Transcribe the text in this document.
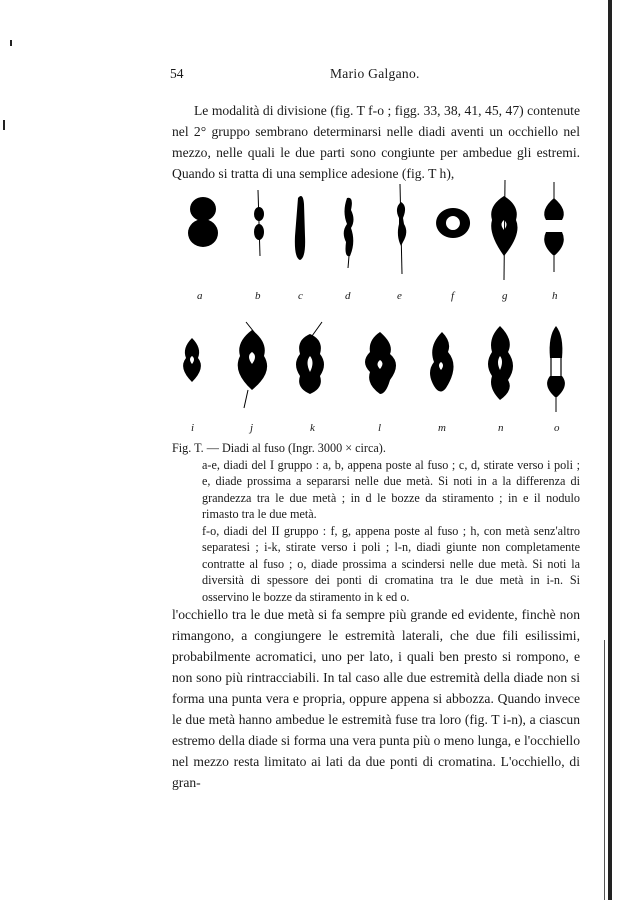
54	Mario Galgano.

Le modalità di divisione (fig. T f-o ; figg. 33, 38, 41, 45, 47) contenute nel 2° gruppo sembrano determinarsi nelle diadi aventi un occhiello nel mezzo, nelle quali le due parti sono congiunte per ambedue gli estremi. Quando si tratta di una semplice adesione (fig. T h),

a	b	c	d	e	f	g	h
i	j	k	l	m	n	o

Fig. T. — Diadi al fuso (Ingr. 3000 × circa).

a-e, diadi del I gruppo : a, b, appena poste al fuso ; c, d, stirate verso i poli ; e, diade prossima a separarsi nelle due metà. Si noti in a la differenza di grandezza tra le due metà ; in d le bozze da stiramento ; in e il nodulo rimasto tra le due metà.

f-o, diadi del II gruppo : f, g, appena poste al fuso ; h, con metà senz'altro separatesi ; i-k, stirate verso i poli ; l-n, diadi giunte non completamente contratte al fuso ; o, diade prossima a scindersi nelle due metà. Si noti la diversità di spessore dei ponti di cromatina tra le due metà in i-n. Si osservino le bozze da stiramento in k ed o.

l'occhiello tra le due metà si fa sempre più grande ed evidente, finchè non rimangono, a congiungere le estremità laterali, che due fili esilissimi, probabilmente acromatici, uno per lato, i quali ben presto si rompono, e non sono più rintracciabili. In tal caso alle due estremità della diade non si forma una punta vera e propria, oppure appena si abbozza. Quando invece le due metà hanno ambedue le estremità fuse tra loro (fig. T i-n), a ciascun estremo della diade si forma una vera punta più o meno lunga, e l'occhiello nel mezzo resta limitato ai lati da due ponti di cromatina. L'occhiello, di gran-
